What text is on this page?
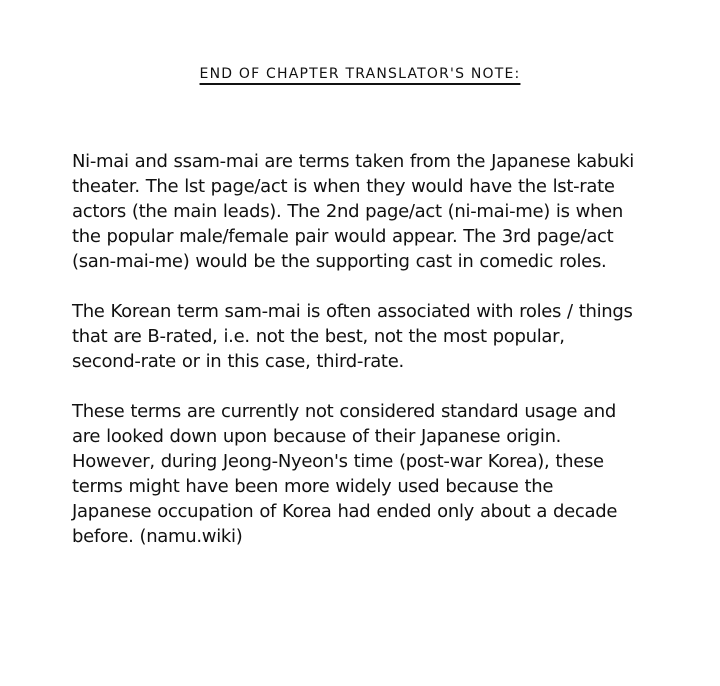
END OF CHAPTER TRANSLATOR'S NOTE:

Ni-mai and ssam-mai are terms taken from the Japanese kabuki
theater. The lst page/act is when they would have the lst-rate
actors (the main leads). The 2nd page/act (ni-mai-me) is when
the popular male/female pair would appear. The 3rd page/act
(san-mai-me) would be the supporting cast in comedic roles.

The Korean term sam-mai is often associated with roles / things
that are B-rated, i.e. not the best, not the most popular,
second-rate or in this case, third-rate.

These terms are currently not considered standard usage and
are looked down upon because of their Japanese origin.
However, during Jeong-Nyeon's time (post-war Korea), these
terms might have been more widely used because the
Japanese occupation of Korea had ended only about a decade
before. (namu.wiki)
